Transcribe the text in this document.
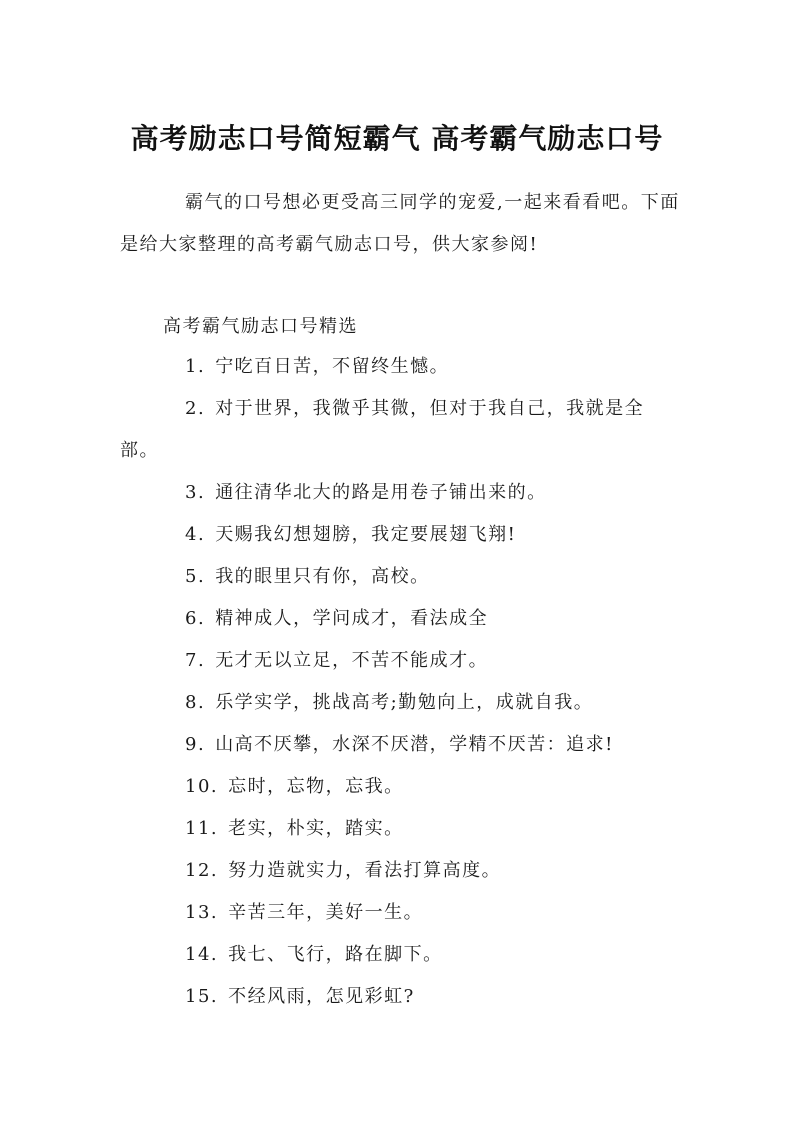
高考励志口号简短霸气 高考霸气励志口号

霸气的口号想必更受高三同学的宠爱,一起来看看吧。下面是给大家整理的高考霸气励志口号，供大家参阅!

高考霸气励志口号精选

1. 宁吃百日苦，不留终生憾。
2. 对于世界，我微乎其微，但对于我自己，我就是全部。
3. 通往清华北大的路是用卷子铺出来的。
4. 天赐我幻想翅膀，我定要展翅飞翔!
5. 我的眼里只有你，高校。
6. 精神成人，学问成才，看法成全
7. 无才无以立足，不苦不能成才。
8. 乐学实学，挑战高考;勤勉向上，成就自我。
9. 山高不厌攀，水深不厌潜，学精不厌苦：追求!
10. 忘时，忘物，忘我。
11. 老实，朴实，踏实。
12. 努力造就实力，看法打算高度。
13. 辛苦三年，美好一生。
14. 我七、飞行，路在脚下。
15. 不经风雨，怎见彩虹?
